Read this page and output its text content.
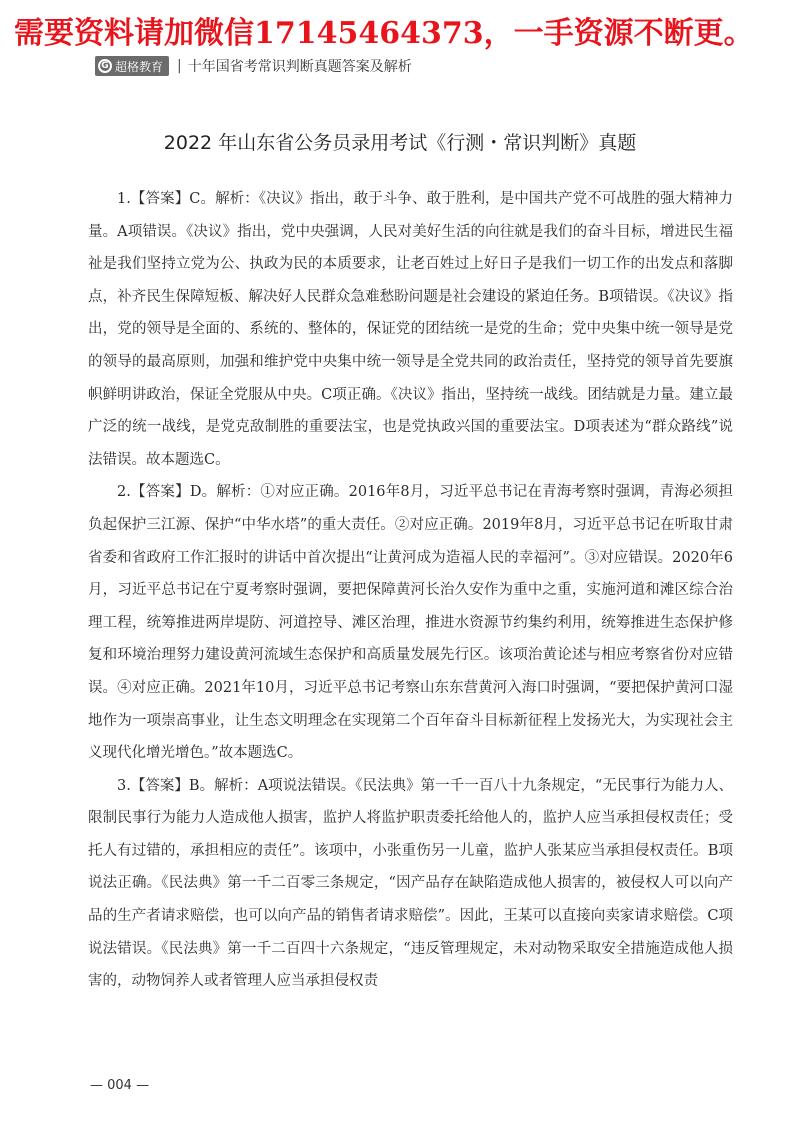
需要资料请加微信17145464373，一手资源不断更。
G 超格教育 | 十年国省考常识判断真题答案及解析
2022 年山东省公务员录用考试《行测・常识判断》真题

1.【答案】C。解析：《决议》指出，敢于斗争、敢于胜利，是中国共产党不可战胜的强大精神力量。A项错误。《决议》指出，党中央强调，人民对美好生活的向往就是我们的奋斗目标，增进民生福祉是我们坚持立党为公、执政为民的本质要求，让老百姓过上好日子是我们一切工作的出发点和落脚点，补齐民生保障短板、解决好人民群众急难愁盼问题是社会建设的紧迫任务。B项错误。《决议》指出，党的领导是全面的、系统的、整体的，保证党的团结统一是党的生命；党中央集中统一领导是党的领导的最高原则，加强和维护党中央集中统一领导是全党共同的政治责任，坚持党的领导首先要旗帜鲜明讲政治，保证全党服从中央。C项正确。《决议》指出，坚持统一战线。团结就是力量。建立最广泛的统一战线，是党克敌制胜的重要法宝，也是党执政兴国的重要法宝。D项表述为“群众路线”说法错误。故本题选C。

2.【答案】D。解析：①对应正确。2016年8月，习近平总书记在青海考察时强调，青海必须担负起保护三江源、保护“中华水塔”的重大责任。②对应正确。2019年8月，习近平总书记在听取甘肃省委和省政府工作汇报时的讲话中首次提出“让黄河成为造福人民的幸福河”。③对应错误。2020年6月，习近平总书记在宁夏考察时强调，要把保障黄河长治久安作为重中之重，实施河道和滩区综合治理工程，统筹推进两岸堤防、河道控导、滩区治理，推进水资源节约集约利用，统筹推进生态保护修复和环境治理努力建设黄河流域生态保护和高质量发展先行区。该项治黄论述与相应考察省份对应错误。④对应正确。2021年10月，习近平总书记考察山东东营黄河入海口时强调，“要把保护黄河口湿地作为一项崇高事业，让生态文明理念在实现第二个百年奋斗目标新征程上发扬光大，为实现社会主义现代化增光增色。”故本题选C。

3.【答案】B。解析：A项说法错误。《民法典》第一千一百八十九条规定，“无民事行为能力人、限制民事行为能力人造成他人损害，监护人将监护职责委托给他人的，监护人应当承担侵权责任；受托人有过错的，承担相应的责任”。该项中，小张重伤另一儿童，监护人张某应当承担侵权责任。B项说法正确。《民法典》第一千二百零三条规定，“因产品存在缺陷造成他人损害的，被侵权人可以向产品的生产者请求赔偿，也可以向产品的销售者请求赔偿”。因此，王某可以直接向卖家请求赔偿。C项说法错误。《民法典》第一千二百四十六条规定，“违反管理规定，未对动物采取安全措施造成他人损害的，动物饲养人或者管理人应当承担侵权责

— 004 —
